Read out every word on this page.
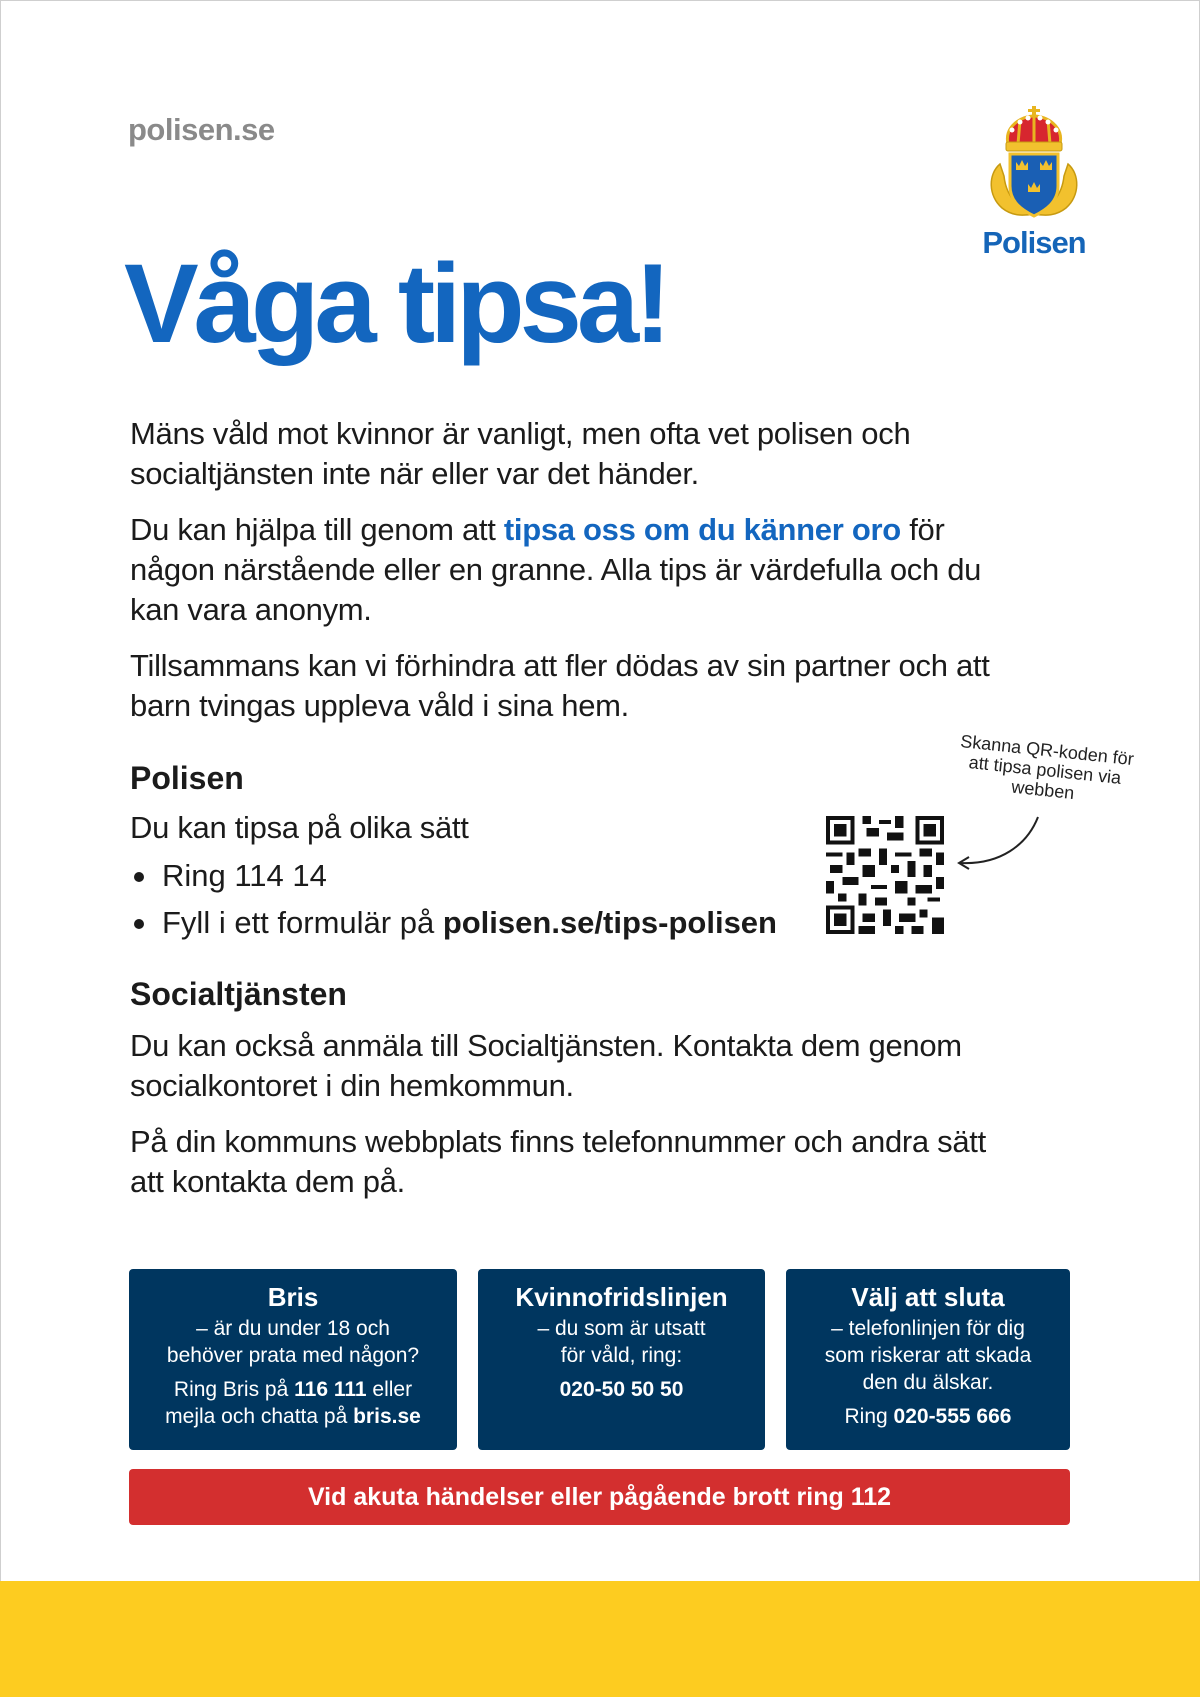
polisen.se
Polisen
Våga tipsa!

Mäns våld mot kvinnor är vanligt, men ofta vet polisen och socialtjänsten inte när eller var det händer.

Du kan hjälpa till genom att tipsa oss om du känner oro för någon närstående eller en granne. Alla tips är värdefulla och du kan vara anonym.

Tillsammans kan vi förhindra att fler dödas av sin partner och att barn tvingas uppleva våld i sina hem.

Polisen

Du kan tipsa på olika sätt

Ring 114 14
Fyll i ett formulär på polisen.se/tips-polisen
Skanna QR-koden för att tipsa polisen via webben
Socialtjänsten

Du kan också anmäla till Socialtjänsten. Kontakta dem genom socialkontoret i din hemkommun.

På din kommuns webbplats finns telefonnummer och andra sätt att kontakta dem på.

Bris

– är du under 18 och

behöver prata med någon?

Ring Bris på 116 111 eller

mejla och chatta på bris.se

Kvinnofridslinjen

– du som är utsatt

för våld, ring:

020-50 50 50

Välj att sluta

– telefonlinjen för dig

som riskerar att skada

den du älskar.

Ring 020-555 666

Vid akuta händelser eller pågående brott ring 112
